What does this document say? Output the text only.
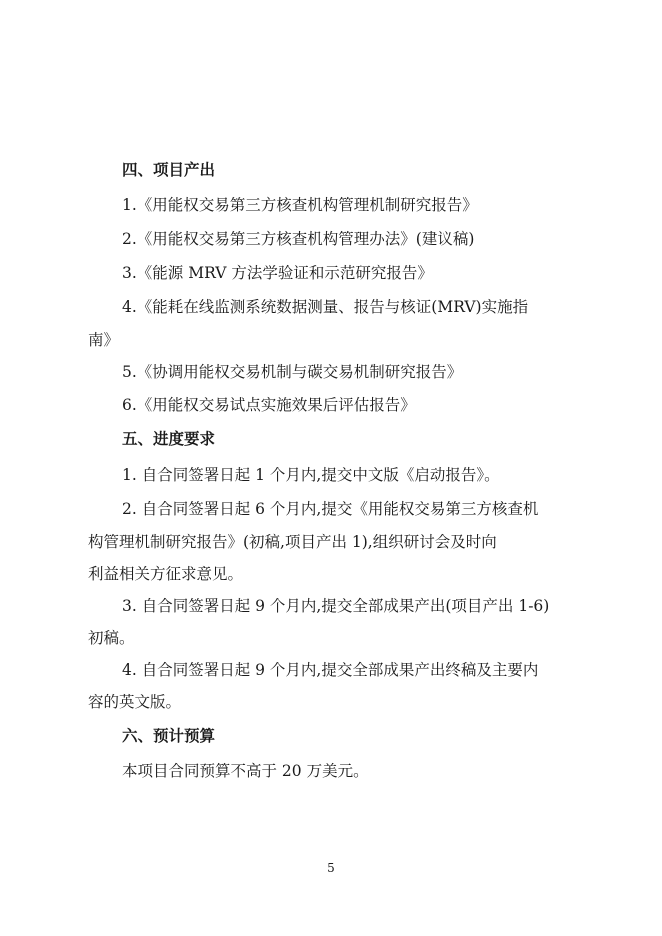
四、项目产出
1.《用能权交易第三方核查机构管理机制研究报告》
2.《用能权交易第三方核查机构管理办法》(建议稿)
3.《能源 MRV 方法学验证和示范研究报告》
4.《能耗在线监测系统数据测量、报告与核证(MRV)实施指
南》
5.《协调用能权交易机制与碳交易机制研究报告》
6.《用能权交易试点实施效果后评估报告》
五、进度要求
1. 自合同签署日起 1 个月内,提交中文版《启动报告》。
2. 自合同签署日起 6 个月内,提交《用能权交易第三方核查机
构管理机制研究报告》(初稿,项目产出 1),组织研讨会及时向
利益相关方征求意见。
3. 自合同签署日起 9 个月内,提交全部成果产出(项目产出 1-6)
初稿。
4. 自合同签署日起 9 个月内,提交全部成果产出终稿及主要内
容的英文版。
六、预计预算
本项目合同预算不高于 20 万美元。
5
